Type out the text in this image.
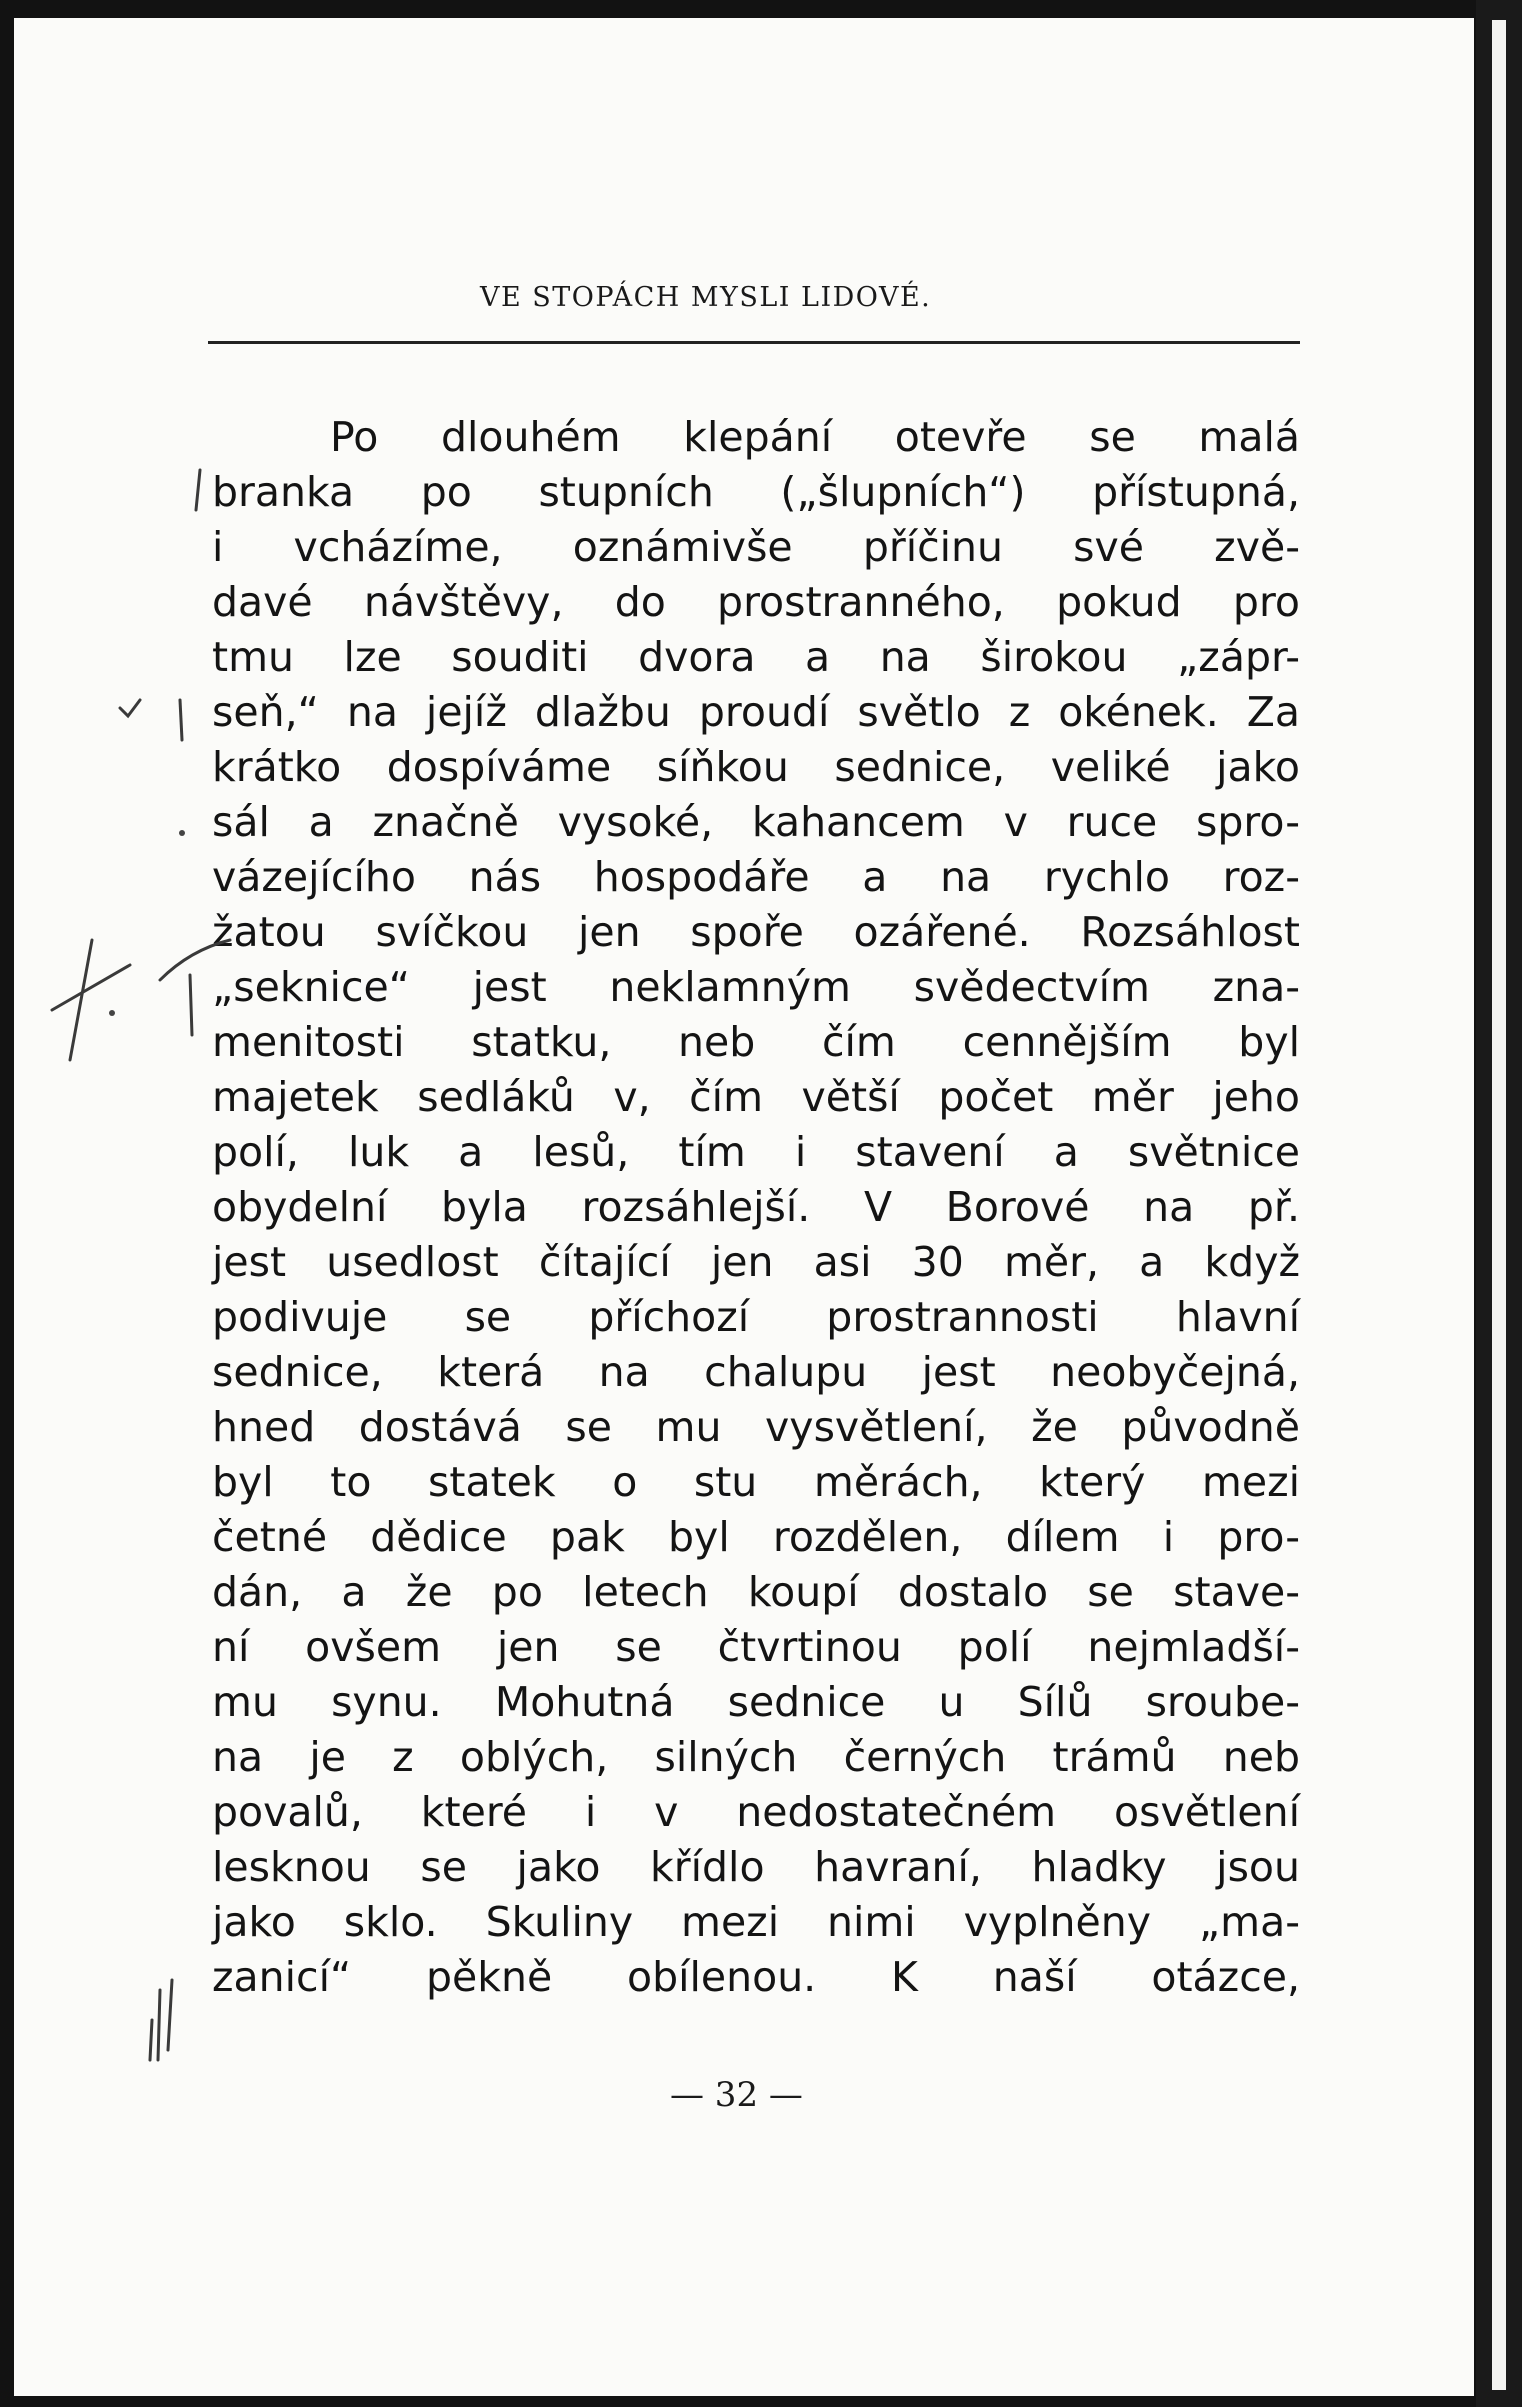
VE STOPÁCH MYSLI LIDOVÉ.
Po dlouhém klepání otevře se malá
branka po stupních („šlupních“) přístupná,
i vcházíme, oznámivše příčinu své zvě-
davé návštěvy, do prostranného, pokud pro
tmu lze souditi dvora a na širokou „zápr-
seň,“ na jejíž dlažbu proudí světlo z okének. Za
krátko dospíváme síňkou sednice, veliké jako
sál a značně vysoké, kahancem v ruce spro-
vázejícího nás hospodáře a na rychlo roz-
žatou svíčkou jen spoře ozářené. Rozsáhlost
„seknice“ jest neklamným svědectvím zna-
menitosti statku, neb čím cennějším byl
majetek sedláků v, čím větší počet měr jeho
polí, luk a lesů, tím i stavení a světnice
obydelní byla rozsáhlejší. V Borové na př.
jest usedlost čítající jen asi 30 měr, a když
podivuje se příchozí prostrannosti hlavní
sednice, která na chalupu jest neobyčejná,
hned dostává se mu vysvětlení, že původně
byl to statek o stu měrách, který mezi
četné dědice pak byl rozdělen, dílem i pro-
dán, a že po letech koupí dostalo se stave-
ní ovšem jen se čtvrtinou polí nejmladší-
mu synu. Mohutná sednice u Sílů sroube-
na je z oblých, silných černých trámů neb
povalů, které i v nedostatečném osvětlení
lesknou se jako křídlo havraní, hladky jsou
jako sklo. Skuliny mezi nimi vyplněny „ma-
zanicí“ pěkně obílenou. K naší otázce,
— 32 —
